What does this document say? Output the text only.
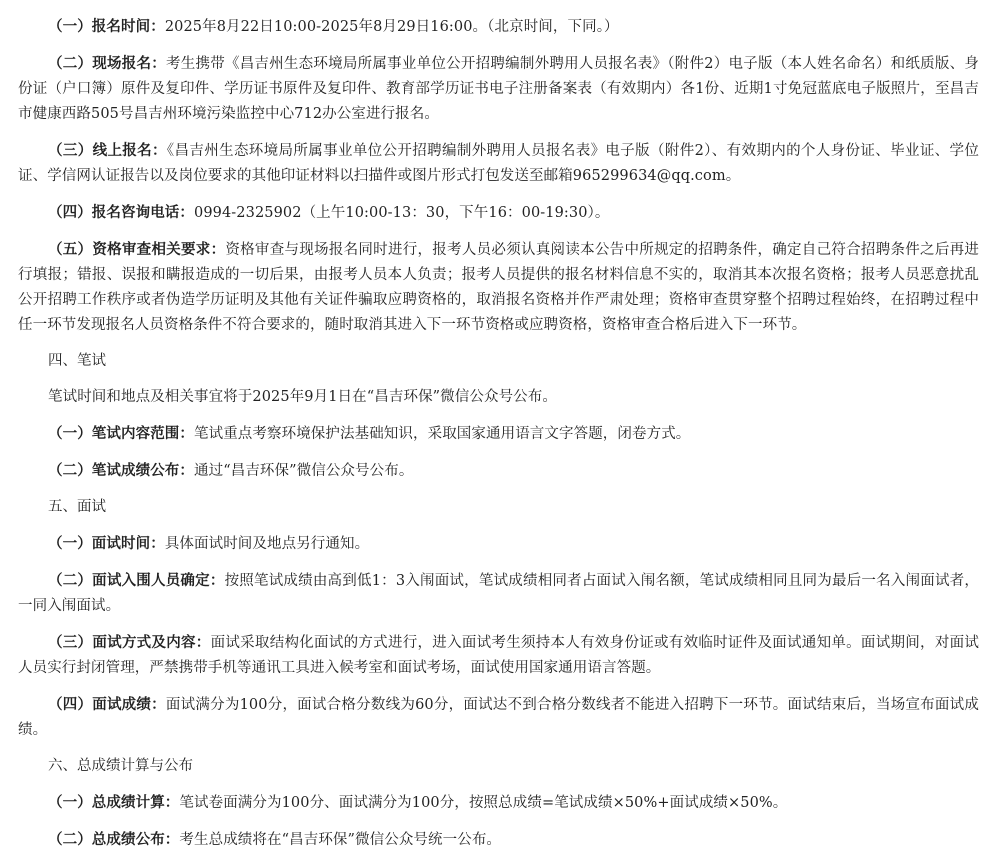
（一）报名时间：2025年8月22日10:00-2025年8月29日16:00。（北京时间，下同。）

（二）现场报名：考生携带《昌吉州生态环境局所属事业单位公开招聘编制外聘用人员报名表》（附件2）电子版（本人姓名命名）和纸质版、身份证（户口簿）原件及复印件、学历证书原件及复印件、教育部学历证书电子注册备案表（有效期内）各1份、近期1寸免冠蓝底电子版照片，至昌吉市健康西路505号昌吉州环境污染监控中心712办公室进行报名。

（三）线上报名：《昌吉州生态环境局所属事业单位公开招聘编制外聘用人员报名表》电子版（附件2）、有效期内的个人身份证、毕业证、学位证、学信网认证报告以及岗位要求的其他印证材料以扫描件或图片形式打包发送至邮箱965299634@qq.com。

（四）报名咨询电话：0994-2325902（上午10:00-13：30，下午16：00-19:30）。

（五）资格审查相关要求：资格审查与现场报名同时进行，报考人员必须认真阅读本公告中所规定的招聘条件，确定自己符合招聘条件之后再进行填报；错报、误报和瞒报造成的一切后果，由报考人员本人负责；报考人员提供的报名材料信息不实的，取消其本次报名资格；报考人员恶意扰乱公开招聘工作秩序或者伪造学历证明及其他有关证件骗取应聘资格的，取消报名资格并作严肃处理；资格审查贯穿整个招聘过程始终，在招聘过程中任一环节发现报名人员资格条件不符合要求的，随时取消其进入下一环节资格或应聘资格，资格审查合格后进入下一环节。

四、笔试

笔试时间和地点及相关事宜将于2025年9月1日在“昌吉环保”微信公众号公布。

（一）笔试内容范围：笔试重点考察环境保护法基础知识，采取国家通用语言文字答题，闭卷方式。

（二）笔试成绩公布：通过“昌吉环保”微信公众号公布。

五、面试

（一）面试时间：具体面试时间及地点另行通知。

（二）面试入围人员确定：按照笔试成绩由高到低1：3入闱面试，笔试成绩相同者占面试入闱名额，笔试成绩相同且同为最后一名入闱面试者，一同入闱面试。

（三）面试方式及内容：面试采取结构化面试的方式进行，进入面试考生须持本人有效身份证或有效临时证件及面试通知单。面试期间，对面试人员实行封闭管理，严禁携带手机等通讯工具进入候考室和面试考场，面试使用国家通用语言答题。

（四）面试成绩：面试满分为100分，面试合格分数线为60分，面试达不到合格分数线者不能进入招聘下一环节。面试结束后，当场宣布面试成绩。

六、总成绩计算与公布

（一）总成绩计算：笔试卷面满分为100分、面试满分为100分，按照总成绩=笔试成绩×50%+面试成绩×50%。

（二）总成绩公布：考生总成绩将在“昌吉环保”微信公众号统一公布。
